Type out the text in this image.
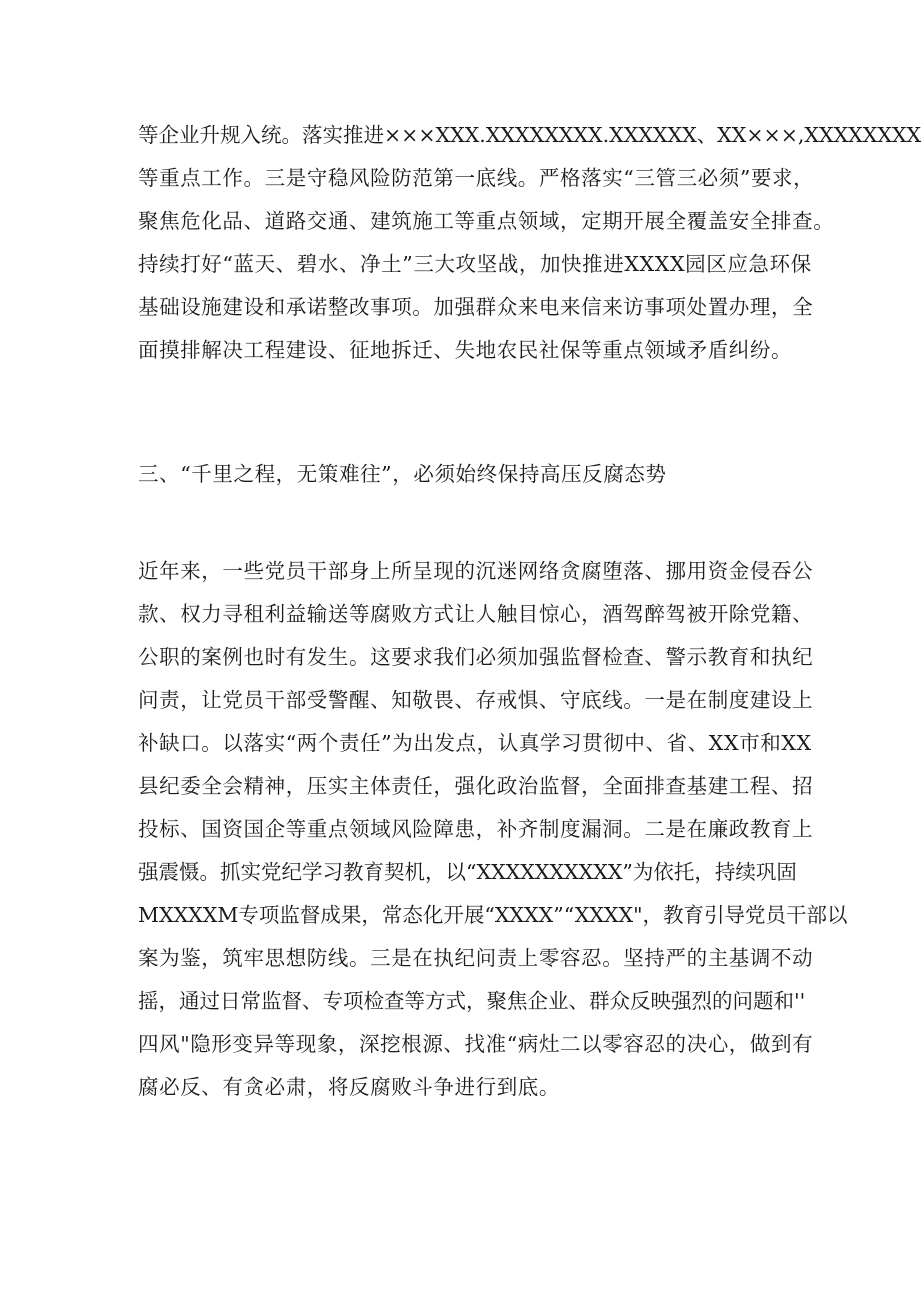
等企业升规入统。落实推进×××XXX.XXXXXXXX.XXXXXX、XX×××,XXXXXXXX
等重点工作。三是守稳风险防范第一底线。严格落实“三管三必须”要求，
聚焦危化品、道路交通、建筑施工等重点领域，定期开展全覆盖安全排查。
持续打好“蓝天、碧水、净土”三大攻坚战，加快推进XXXX园区应急环保
基础设施建设和承诺整改事项。加强群众来电来信来访事项处置办理，全
面摸排解决工程建设、征地拆迁、失地农民社保等重点领域矛盾纠纷。
三、“千里之程，无策难往”，必须始终保持高压反腐态势
近年来，一些党员干部身上所呈现的沉迷网络贪腐堕落、挪用资金侵吞公
款、权力寻租利益输送等腐败方式让人触目惊心，酒驾醉驾被开除党籍、
公职的案例也时有发生。这要求我们必须加强监督检查、警示教育和执纪
问责，让党员干部受警醒、知敬畏、存戒惧、守底线。一是在制度建设上
补缺口。以落实“两个责任”为出发点，认真学习贯彻中、省、XX市和XX
县纪委全会精神，压实主体责任，强化政治监督，全面排查基建工程、招
投标、国资国企等重点领域风险障患，补齐制度漏洞。二是在廉政教育上
强震慑。抓实党纪学习教育契机，以“XXXXXXXXXX”为依托，持续巩固
MXXXXM专项监督成果，常态化开展“XXXX”“XXXX"，教育引导党员干部以
案为鉴，筑牢思想防线。三是在执纪问责上零容忍。坚持严的主基调不动
摇，通过日常监督、专项检查等方式，聚焦企业、群众反映强烈的问题和''
四风"隐形变异等现象，深挖根源、找准“病灶二以零容忍的决心，做到有
腐必反、有贪必肃，将反腐败斗争进行到底。
